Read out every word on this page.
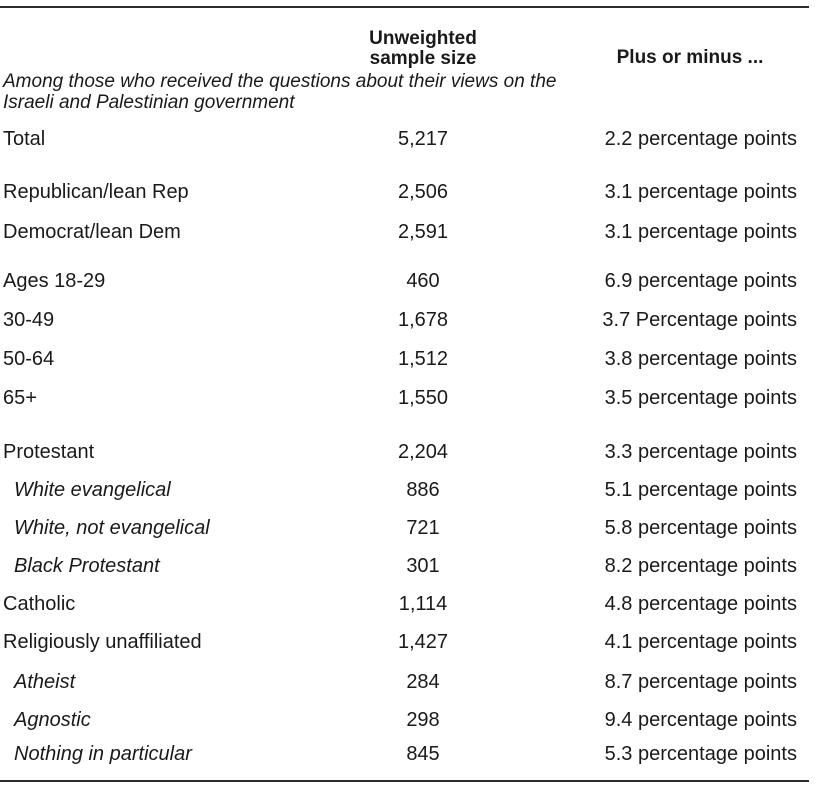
Unweighted
sample size	Plus or minus ...
Among those who received the questions about their views on the Israeli and Palestinian government
Total	5,217	2.2 percentage points
Republican/lean Rep	2,506	3.1 percentage points
Democrat/lean Dem	2,591	3.1 percentage points
Ages 18-29	460	6.9 percentage points
30-49	1,678	3.7 Percentage points
50-64	1,512	3.8 percentage points
65+	1,550	3.5 percentage points
Protestant	2,204	3.3 percentage points
White evangelical	886	5.1 percentage points
White, not evangelical	721	5.8 percentage points
Black Protestant	301	8.2 percentage points
Catholic	1,114	4.8 percentage points
Religiously unaffiliated	1,427	4.1 percentage points
Atheist	284	8.7 percentage points
Agnostic	298	9.4 percentage points
Nothing in particular	845	5.3 percentage points
